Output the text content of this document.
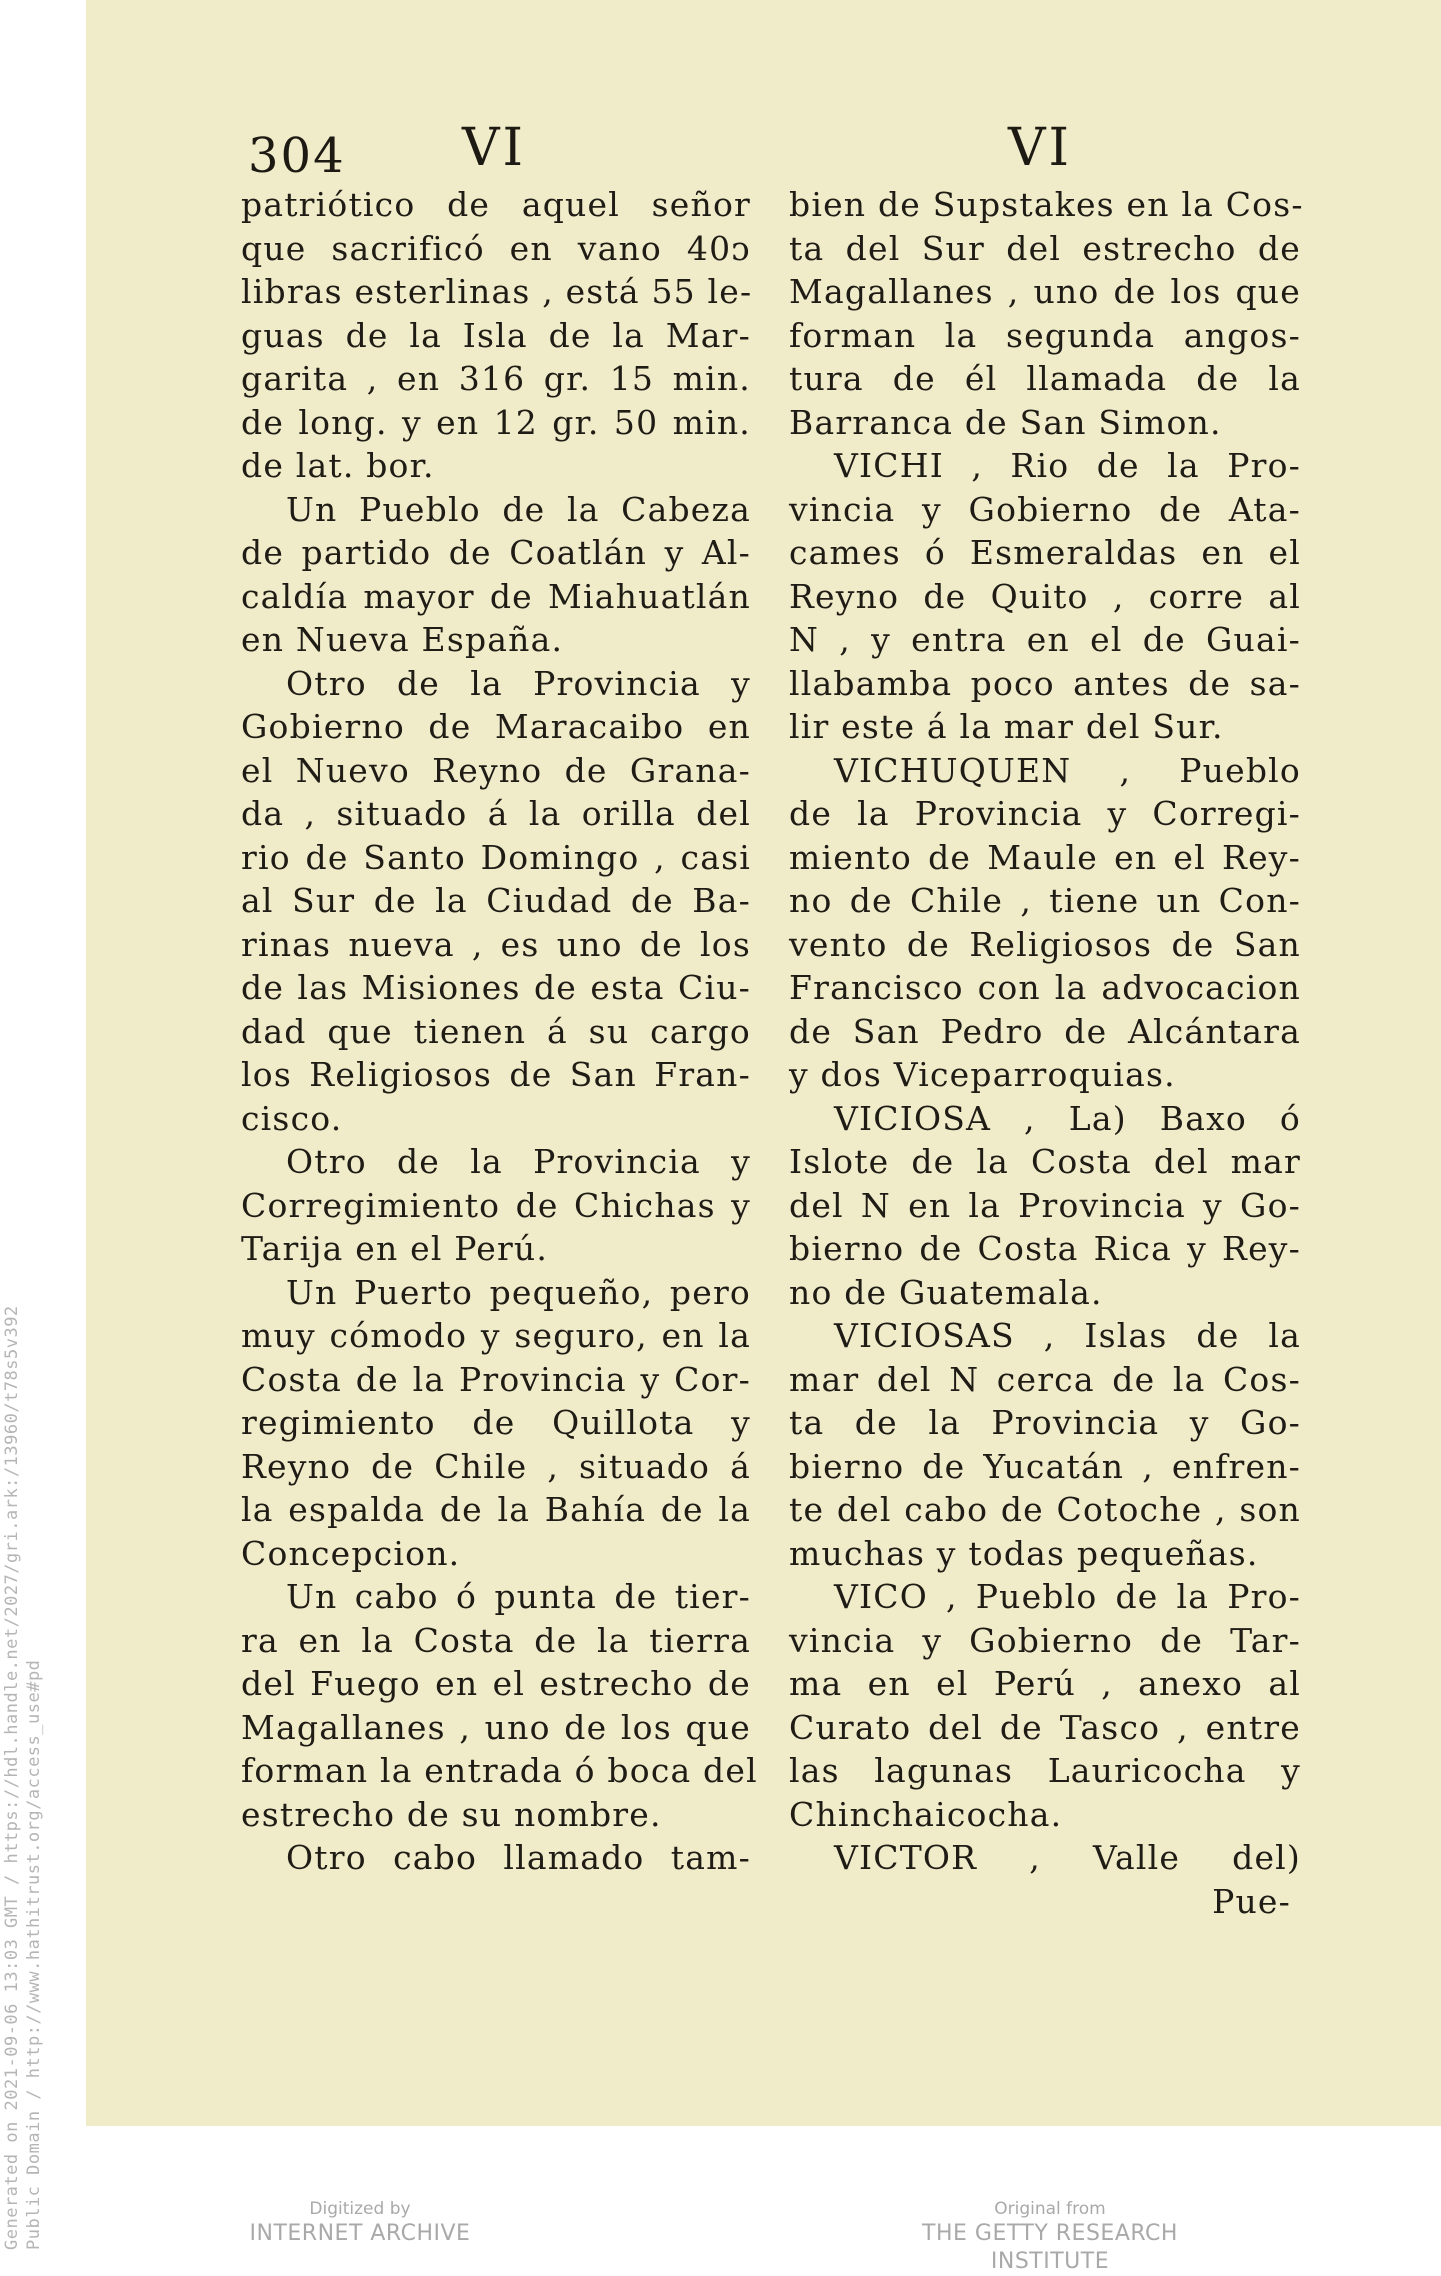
Generated on 2021-09-06 13:03 GMT / https://hdl.handle.net/2027/gri.ark:/13960/t78s5v392 Public Domain / http://www.hathitrust.org/access_use#pd
304 VI	VI
patriótico de aquel señor
que sacrificó en vano 40ᴐ
libras esterlinas , está 55 le-
guas de la Isla de la Mar-
garita , en 316 gr. 15 min.
de long. y en 12 gr. 50 min.
de lat. bor.
Un Pueblo de la Cabeza
de partido de Coatlán y Al-
caldía mayor de Miahuatlán
en Nueva España.
Otro de la Provincia y
Gobierno de Maracaibo en
el Nuevo Reyno de Grana-
da , situado á la orilla del
rio de Santo Domingo , casi
al Sur de la Ciudad de Ba-
rinas nueva , es uno de los
de las Misiones de esta Ciu-
dad que tienen á su cargo
los Religiosos de San Fran-
cisco.
Otro de la Provincia y
Corregimiento de Chichas y
Tarija en el Perú.
Un Puerto pequeño, pero
muy cómodo y seguro, en la
Costa de la Provincia y Cor-
regimiento de Quillota y
Reyno de Chile , situado á
la espalda de la Bahía de la
Concepcion.
Un cabo ó punta de tier-
ra en la Costa de la tierra
del Fuego en el estrecho de
Magallanes , uno de los que
forman la entrada ó boca del
estrecho de su nombre.
Otro cabo llamado tam-
bien de Supstakes en la Cos-
ta del Sur del estrecho de
Magallanes , uno de los que
forman la segunda angos-
tura de él llamada de la
Barranca de San Simon.
VICHI , Rio de la Pro-
vincia y Gobierno de Ata-
cames ó Esmeraldas en el
Reyno de Quito , corre al
N , y entra en el de Guai-
llabamba poco antes de sa-
lir este á la mar del Sur.
VICHUQUEN , Pueblo
de la Provincia y Corregi-
miento de Maule en el Rey-
no de Chile , tiene un Con-
vento de Religiosos de San
Francisco con la advocacion
de San Pedro de Alcántara
y dos Viceparroquias.
VICIOSA , La) Baxo ó
Islote de la Costa del mar
del N en la Provincia y Go-
bierno de Costa Rica y Rey-
no de Guatemala.
VICIOSAS , Islas de la
mar del N cerca de la Cos-
ta de la Provincia y Go-
bierno de Yucatán , enfren-
te del cabo de Cotoche , son
muchas y todas pequeñas.
VICO , Pueblo de la Pro-
vincia y Gobierno de Tar-
ma en el Perú , anexo al
Curato del de Tasco , entre
las lagunas Lauricocha y
Chinchaicocha.
VICTOR , Valle del)
Pue-
Digitized by
INTERNET ARCHIVE
Original from
THE GETTY RESEARCH INSTITUTE
